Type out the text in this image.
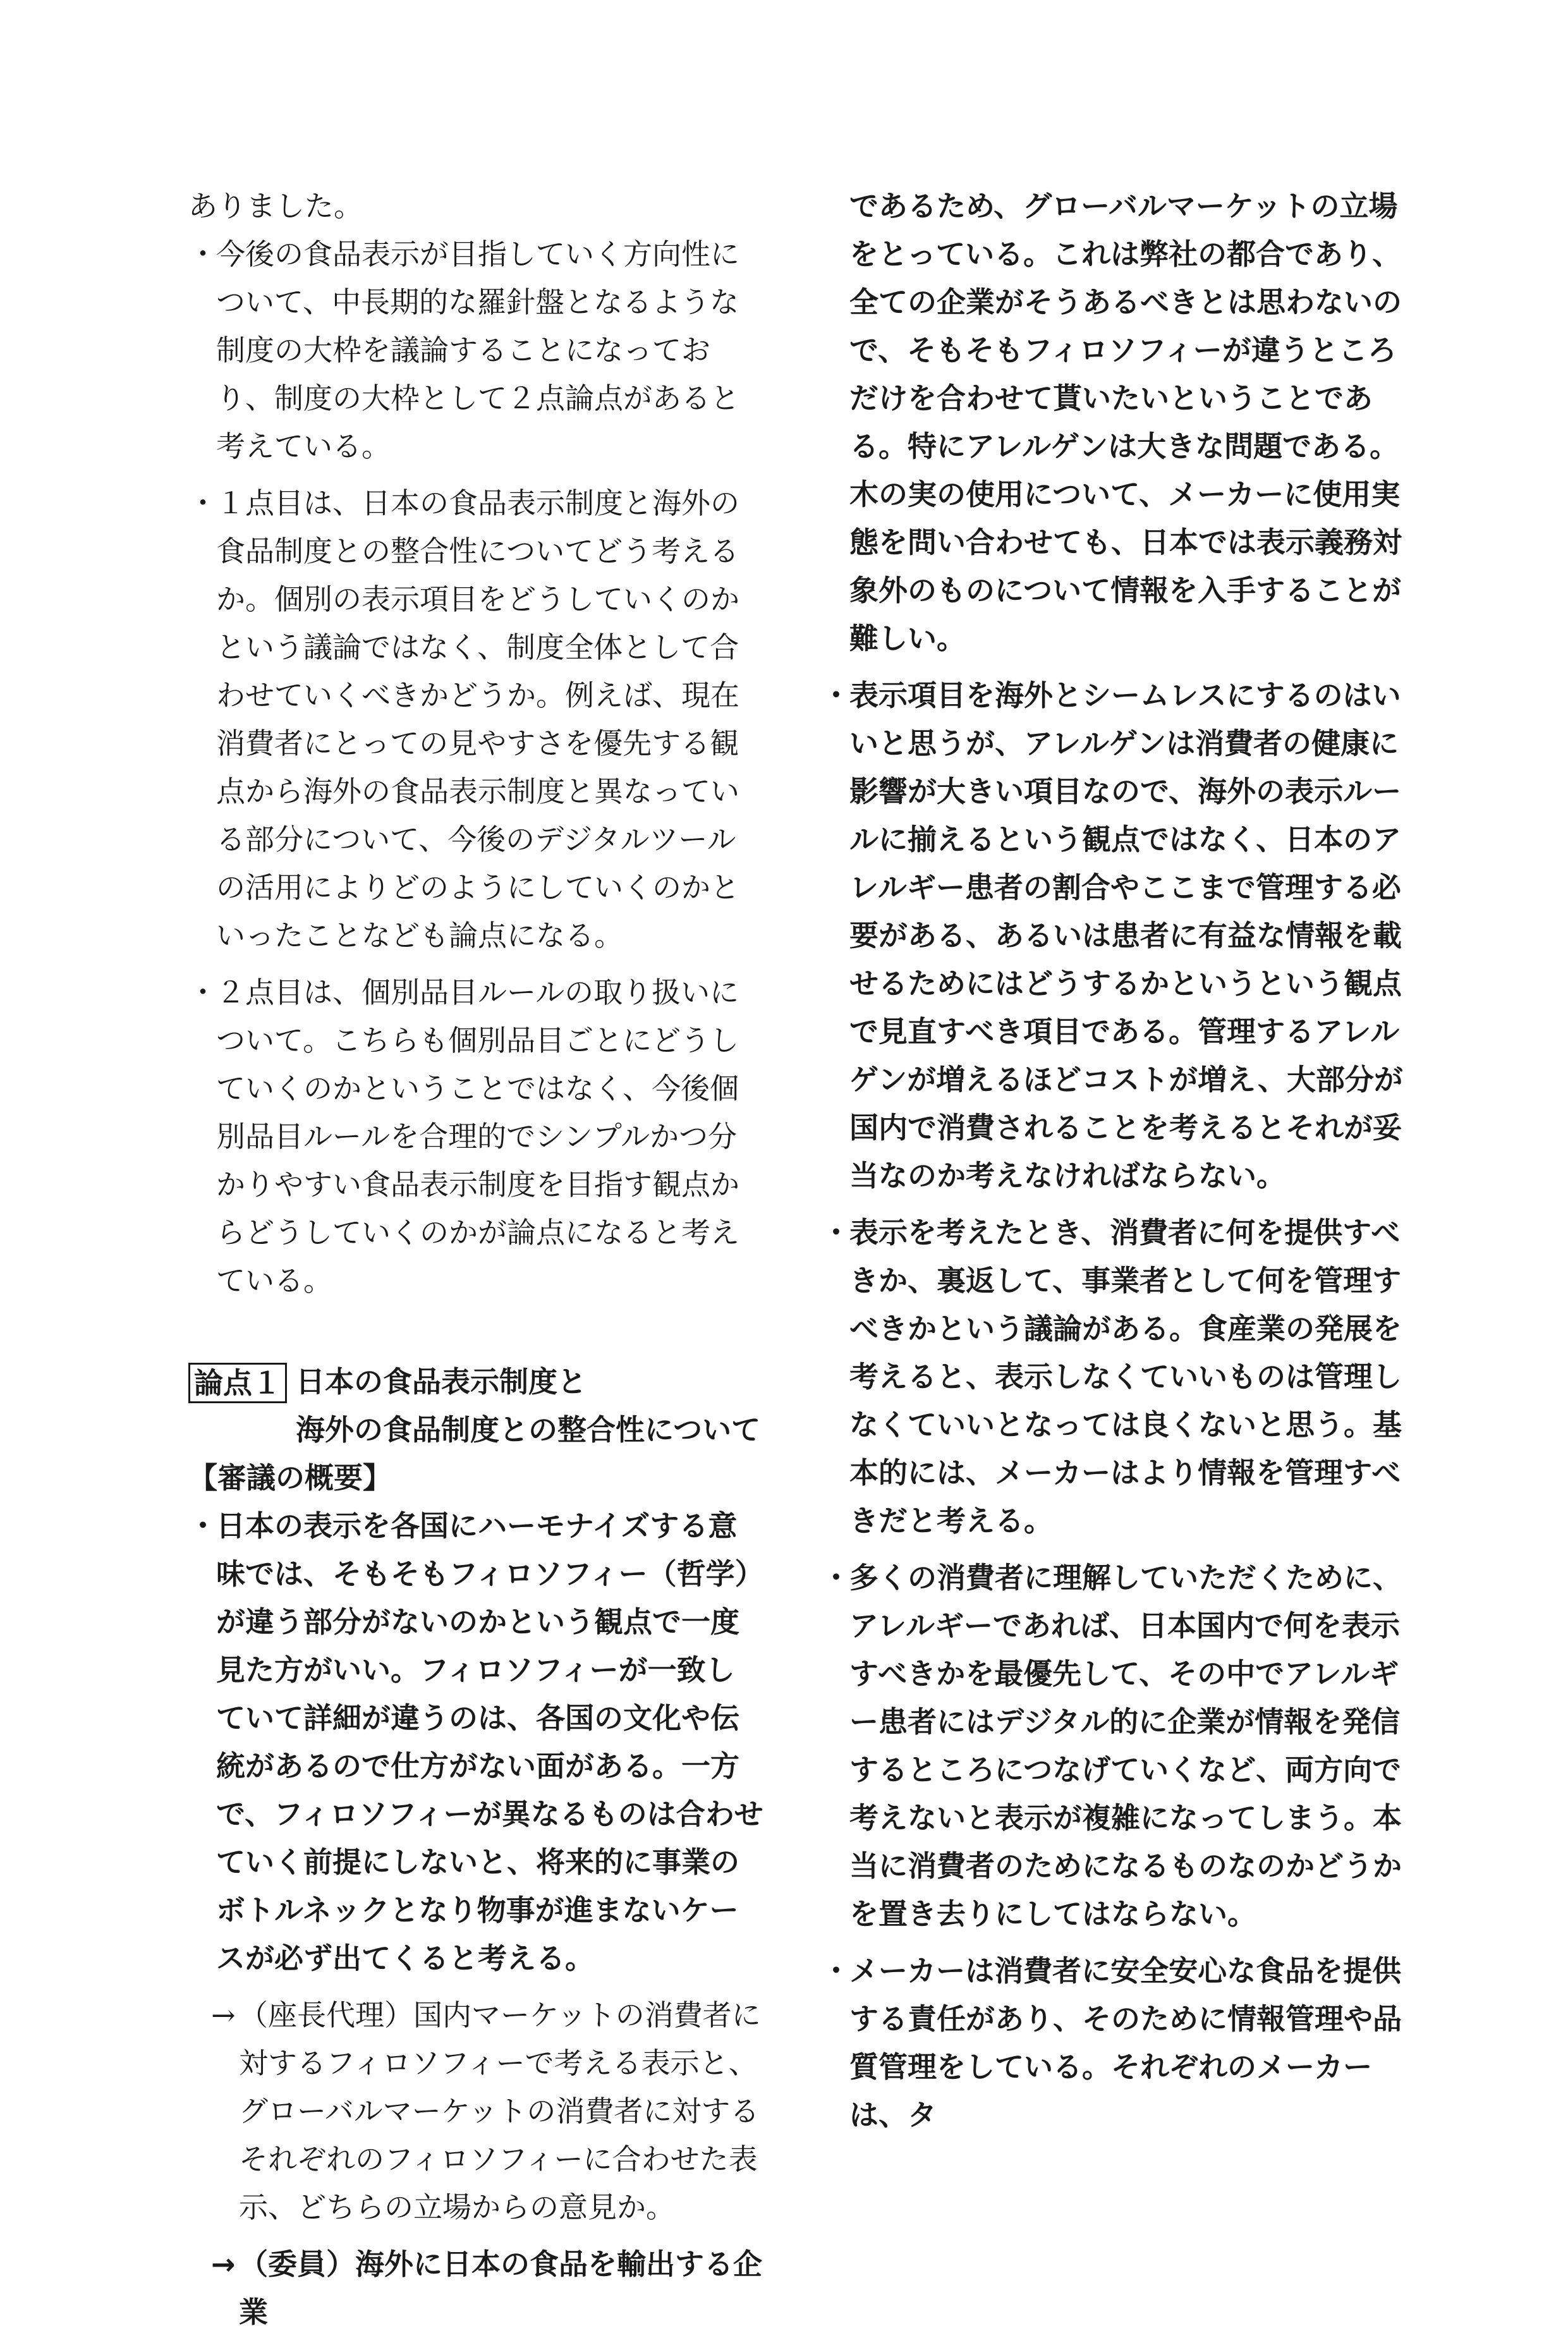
ありました。

・
今後の食品表示が目指していく方向性について、中長期的な羅針盤となるような制度の大枠を議論することになっており、制度の大枠として２点論点があると考えている。
・
１点目は、日本の食品表示制度と海外の食品制度との整合性についてどう考えるか。個別の表示項目をどうしていくのかという議論ではなく、制度全体として合わせていくべきかどうか。例えば、現在消費者にとっての見やすさを優先する観点から海外の食品表示制度と異なっている部分について、今後のデジタルツールの活用によりどのようにしていくのかといったことなども論点になる。
・
２点目は、個別品目ルールの取り扱いについて。こちらも個別品目ごとにどうしていくのかということではなく、今後個別品目ルールを合理的でシンプルかつ分かりやすい食品表示制度を目指す観点からどうしていくのかが論点になると考えている。

論点１ 日本の食品表示制度と
海外の食品制度との整合性について

【審議の概要】

・
日本の表示を各国にハーモナイズする意味では、そもそもフィロソフィー（哲学）が違う部分がないのかという観点で一度見た方がいい。フィロソフィーが一致していて詳細が違うのは、各国の文化や伝統があるので仕方がない面がある。一方で、フィロソフィーが異なるものは合わせていく前提にしないと、将来的に事業のボトルネックとなり物事が進まないケースが必ず出てくると考える。
→ （座長代理）国内マーケットの消費者に対するフィロソフィーで考える表示と、グローバルマーケットの消費者に対するそれぞれのフィロソフィーに合わせた表示、どちらの立場からの意見か。
→ （委員）海外に日本の食品を輸出する企業

であるため、グローバルマーケットの立場をとっている。これは弊社の都合であり、全ての企業がそうあるべきとは思わないので、そもそもフィロソフィーが違うところだけを合わせて貰いたいということである。特にアレルゲンは大きな問題である。木の実の使用について、メーカーに使用実態を問い合わせても、日本では表示義務対象外のものについて情報を入手することが難しい。

・
表示項目を海外とシームレスにするのはいいと思うが、アレルゲンは消費者の健康に影響が大きい項目なので、海外の表示ルールに揃えるという観点ではなく、日本のアレルギー患者の割合やここまで管理する必要がある、あるいは患者に有益な情報を載せるためにはどうするかというという観点で見直すべき項目である。管理するアレルゲンが増えるほどコストが増え、大部分が国内で消費されることを考えるとそれが妥当なのか考えなければならない。
・
表示を考えたとき、消費者に何を提供すべきか、裏返して、事業者として何を管理すべきかという議論がある。食産業の発展を考えると、表示しなくていいものは管理しなくていいとなっては良くないと思う。基本的には、メーカーはより情報を管理すべきだと考える。
・
多くの消費者に理解していただくために、アレルギーであれば、日本国内で何を表示すべきかを最優先して、その中でアレルギー患者にはデジタル的に企業が情報を発信するところにつなげていくなど、両方向で考えないと表示が複雑になってしまう。本当に消費者のためになるものなのかどうかを置き去りにしてはならない。
・
メーカーは消費者に安全安心な食品を提供する責任があり、そのために情報管理や品質管理をしている。それぞれのメーカーは、タ
